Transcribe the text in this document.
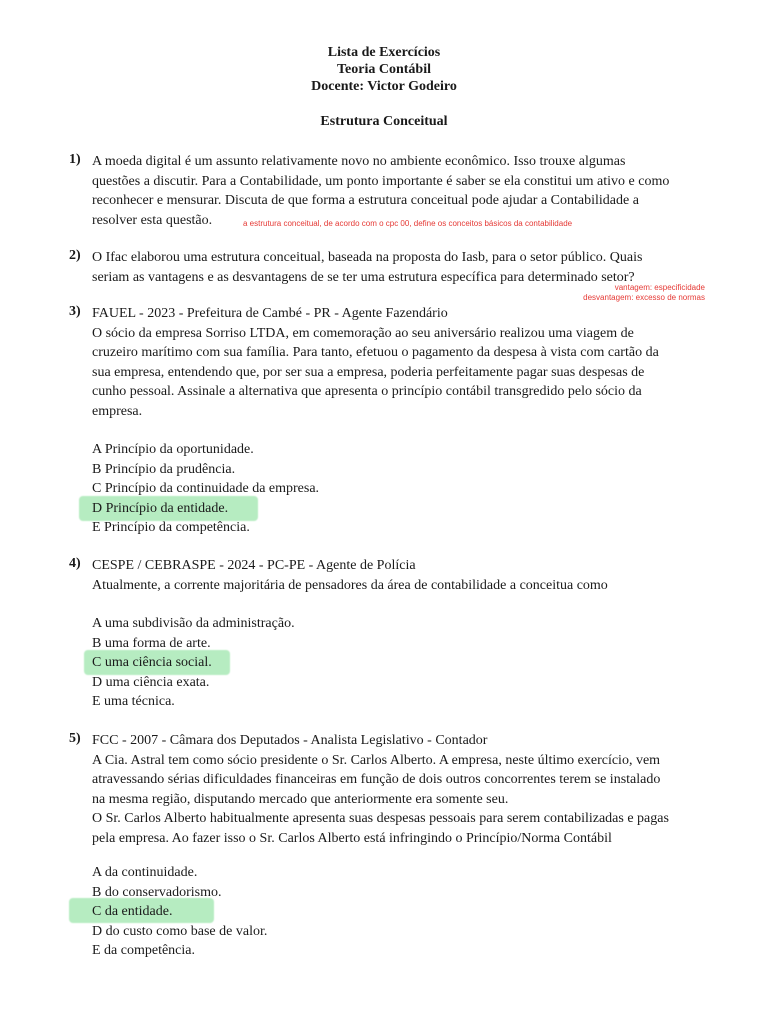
Lista de Exercícios
Teoria Contábil
Docente: Victor Godeiro
Estrutura Conceitual
1) A moeda digital é um assunto relativamente novo no ambiente econômico. Isso trouxe algumas

questões a discutir. Para a Contabilidade, um ponto importante é saber se ela constitui um ativo e como

reconhecer e mensurar. Discuta de que forma a estrutura conceitual pode ajudar a Contabilidade a

resolver esta questão.	a estrutura conceitual, de acordo com o cpc 00, define os conceitos básicos da contabilidade
2) O Ifac elaborou uma estrutura conceitual, baseada na proposta do Iasb, para o setor público. Quais

seriam as vantagens e as desvantagens de se ter uma estrutura específica para determinado setor?

vantagem: especificidade
desvantagem: excesso de normas
3) FAUEL - 2023 - Prefeitura de Cambé - PR - Agente Fazendário

O sócio da empresa Sorriso LTDA, em comemoração ao seu aniversário realizou uma viagem de

cruzeiro marítimo com sua família. Para tanto, efetuou o pagamento da despesa à vista com cartão da

sua empresa, entendendo que, por ser sua a empresa, poderia perfeitamente pagar suas despesas de

cunho pessoal. Assinale a alternativa que apresenta o princípio contábil transgredido pelo sócio da

empresa.

A Princípio da oportunidade.
B Princípio da prudência.
C Princípio da continuidade da empresa.
D Princípio da entidade.
E Princípio da competência.
4) CESPE / CEBRASPE - 2024 - PC-PE - Agente de Polícia

Atualmente, a corrente majoritária de pensadores da área de contabilidade a conceitua como

A uma subdivisão da administração.
B uma forma de arte.
C uma ciência social.
D uma ciência exata.
E uma técnica.
5) FCC - 2007 - Câmara dos Deputados - Analista Legislativo - Contador

A Cia. Astral tem como sócio presidente o Sr. Carlos Alberto. A empresa, neste último exercício, vem

atravessando sérias dificuldades financeiras em função de dois outros concorrentes terem se instalado

na mesma região, disputando mercado que anteriormente era somente seu.

O Sr. Carlos Alberto habitualmente apresenta suas despesas pessoais para serem contabilizadas e pagas

pela empresa. Ao fazer isso o Sr. Carlos Alberto está infringindo o Princípio/Norma Contábil

A da continuidade.
B do conservadorismo.
C da entidade.
D do custo como base de valor.
E da competência.
